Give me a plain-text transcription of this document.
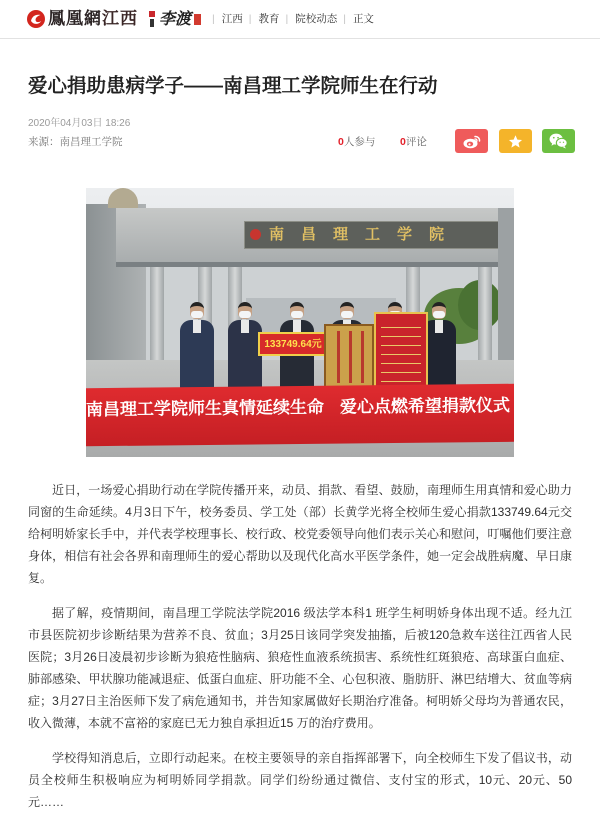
鳳凰網 江西 李渡	| 江西 | 教育 | 院校动态 | 正文
爱心捐助患病学子——南昌理工学院师生在行动
2020年04月03日 18:26
来源：南昌理工学院	0人参与 0评论
南昌理工学院
133749.64元
南昌理工学院师生真情延续生命 爱心点燃希望捐款仪式

近日，一场爱心捐助行动在学院传播开来，动员、捐款、看望、鼓励，南理师生用真情和爱心助力同窗的生命延续。4月3日下午，校务委员、学工处（部）长黄学光将全校师生爱心捐款133749.64元交给柯明娇家长手中，并代表学校理事长、校行政、校党委领导向他们表示关心和慰问，叮嘱他们要注意身体，相信有社会各界和南理师生的爱心帮助以及现代化高水平医学条件，她一定会战胜病魔、早日康复。

据了解，疫情期间，南昌理工学院法学院2016 级法学本科1 班学生柯明娇身体出现不适。经九江市县医院初步诊断结果为营养不良、贫血；3月25日该同学突发抽搐，后被120急救车送往江西省人民医院；3月26日凌晨初步诊断为狼疮性脑病、狼疮性血液系统损害、系统性红斑狼疮、高球蛋白血症、肺部感染、甲状腺功能减退症、低蛋白血症、肝功能不全、心包积液、脂肪肝、淋巴结增大、贫血等病症；3月27日主治医师下发了病危通知书，并告知家属做好长期治疗准备。柯明娇父母均为普通农民，收入微薄，本就不富裕的家庭已无力独自承担近15 万的治疗费用。

学校得知消息后，立即行动起来。在校主要领导的亲自指挥部署下，向全校师生下发了倡议书，动员全校师生积极响应为柯明娇同学捐款。同学们纷纷通过微信、支付宝的形式，10元、20元、50元……
